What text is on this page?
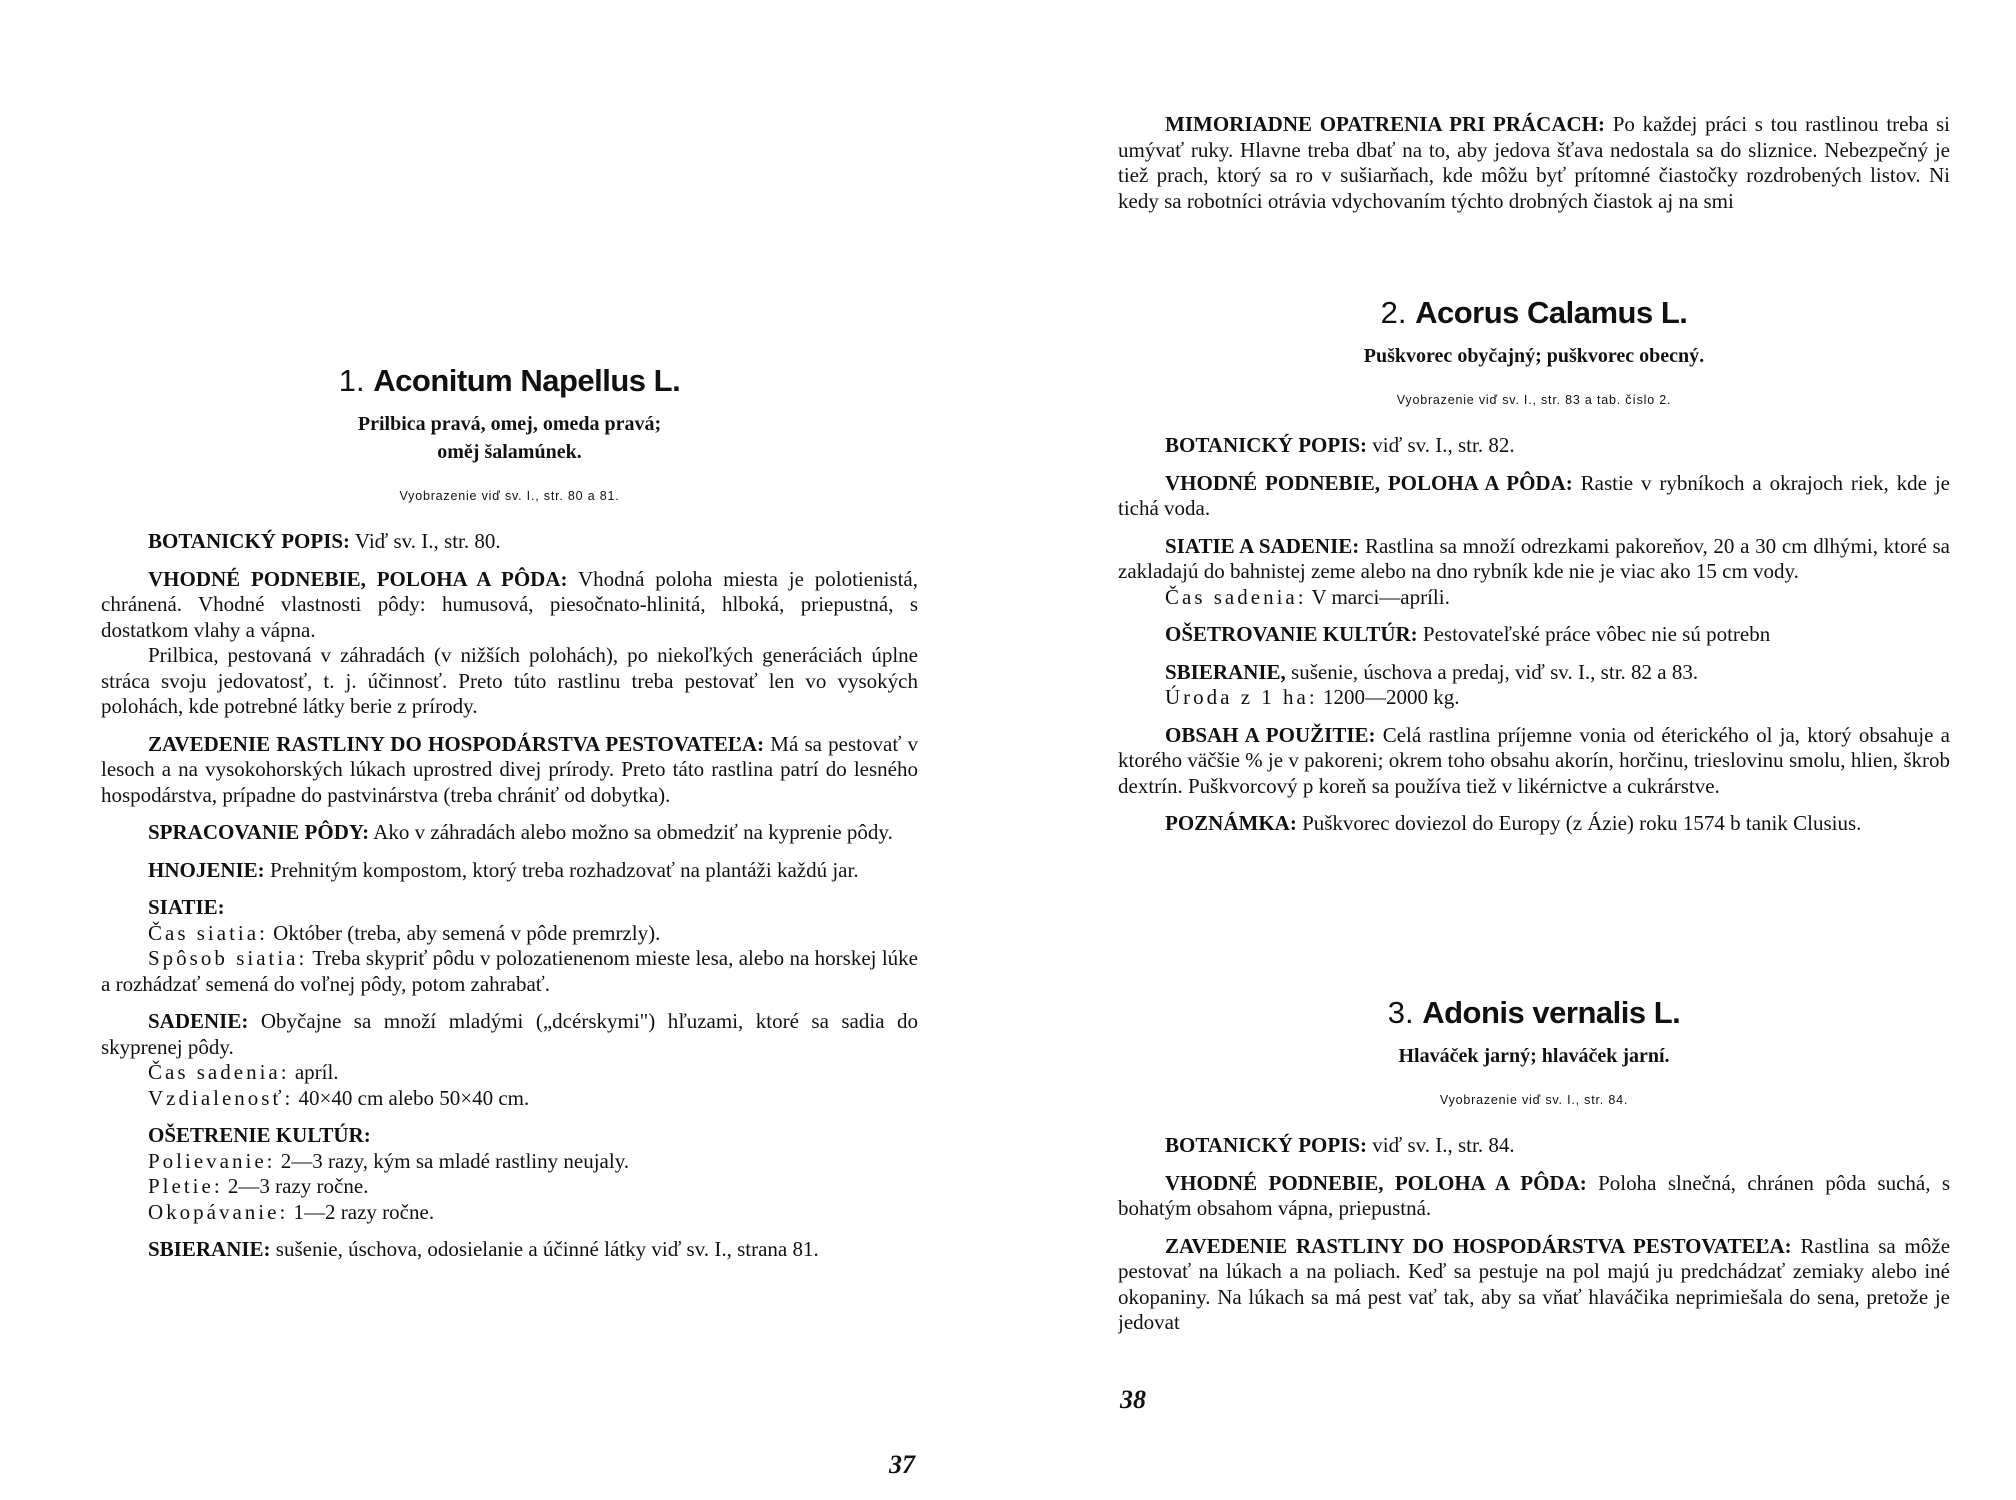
1. Aconitum Napellus L.

Prilbica pravá, omej, omeda pravá;
oměj šalamúnek.

Vyobrazenie viď sv. I., str. 80 a 81.

BOTANICKÝ POPIS: Viď sv. I., str. 80.

VHODNÉ PODNEBIE, POLOHA A PÔDA: Vhodná poloha miesta je polotienistá, chránená. Vhodné vlastnosti pôdy: humusová, piesočnato-hlinitá, hlboká, priepustná, s dostatkom vlahy a vápna.

Prilbica, pestovaná v záhradách (v nižších polohách), po niekoľkých generáciách úplne stráca svoju jedovatosť, t. j. účinnosť. Preto túto rastlinu treba pestovať len vo vysokých polohách, kde potrebné látky berie z prírody.

ZAVEDENIE RASTLINY DO HOSPODÁRSTVA PESTOVATEĽA: Má sa pestovať v lesoch a na vysokohorských lúkach uprostred divej prírody. Preto táto rastlina patrí do lesného hospodárstva, prípadne do pastvinárstva (treba chrániť od dobytka).

SPRACOVANIE PÔDY: Ako v záhradách alebo možno sa obmedziť na kyprenie pôdy.

HNOJENIE: Prehnitým kompostom, ktorý treba rozhadzovať na plantáži každú jar.

SIATIE:

Čas siatia: Október (treba, aby semená v pôde premrzly).

Spôsob siatia: Treba skypriť pôdu v polozatienenom mieste lesa, alebo na horskej lúke a rozhádzať semená do voľnej pôdy, potom zahrabať.

SADENIE: Obyčajne sa množí mladými („dcérskymi") hľuzami, ktoré sa sadia do skyprenej pôdy.

Čas sadenia: apríl.
Vzdialenosť: 40×40 cm alebo 50×40 cm.

OŠETRENIE KULTÚR:

Polievanie: 2—3 razy, kým sa mladé rastliny neujaly.
Pletie: 2—3 razy ročne.
Okopávanie: 1—2 razy ročne.

SBIERANIE: sušenie, úschova, odosielanie a účinné látky viď sv. I., strana 81.

37

MIMORIADNE OPATRENIA PRI PRÁCACH: Po každej práci s tou rastlinou treba si umývať ruky. Hlavne treba dbať na to, aby jedova šťava nedostala sa do sliznice. Nebezpečný je tiež prach, ktorý sa ro v sušiarňach, kde môžu byť prítomné čiastočky rozdrobených listov. Ni kedy sa robotníci otrávia vdychovaním týchto drobných čiastok aj na smi

2. Acorus Calamus L.

Puškvorec obyčajný; puškvorec obecný.

Vyobrazenie viď sv. I., str. 83 a tab. číslo 2.

BOTANICKÝ POPIS: viď sv. I., str. 82.

VHODNÉ PODNEBIE, POLOHA A PÔDA: Rastie v rybníkoch a okrajoch riek, kde je tichá voda.

SIATIE A SADENIE: Rastlina sa množí odrezkami pakoreňov, 20 a 30 cm dlhými, ktoré sa zakladajú do bahnistej zeme alebo na dno rybník kde nie je viac ako 15 cm vody.

Čas sadenia: V marci—apríli.

OŠETROVANIE KULTÚR: Pestovateľské práce vôbec nie sú potrebn

SBIERANIE, sušenie, úschova a predaj, viď sv. I., str. 82 a 83.

Úroda z 1 ha: 1200—2000 kg.

OBSAH A POUŽITIE: Celá rastlina príjemne vonia od éterického ol ja, ktorý obsahuje a ktorého väčšie % je v pakoreni; okrem toho obsahu akorín, horčinu, trieslovinu smolu, hlien, škrob dextrín. Puškvorcový p koreň sa používa tiež v likérnictve a cukrárstve.

POZNÁMKA: Puškvorec doviezol do Europy (z Ázie) roku 1574 b tanik Clusius.

3. Adonis vernalis L.

Hlaváček jarný; hlaváček jarní.

Vyobrazenie viď sv. I., str. 84.

BOTANICKÝ POPIS: viď sv. I., str. 84.

VHODNÉ PODNEBIE, POLOHA A PÔDA: Poloha slnečná, chránen pôda suchá, s bohatým obsahom vápna, priepustná.

ZAVEDENIE RASTLINY DO HOSPODÁRSTVA PESTOVATEĽA: Rastlina sa môže pestovať na lúkach a na poliach. Keď sa pestuje na pol majú ju predchádzať zemiaky alebo iné okopaniny. Na lúkach sa má pest vať tak, aby sa vňať hlaváčika neprimiešala do sena, pretože je jedovat

38
